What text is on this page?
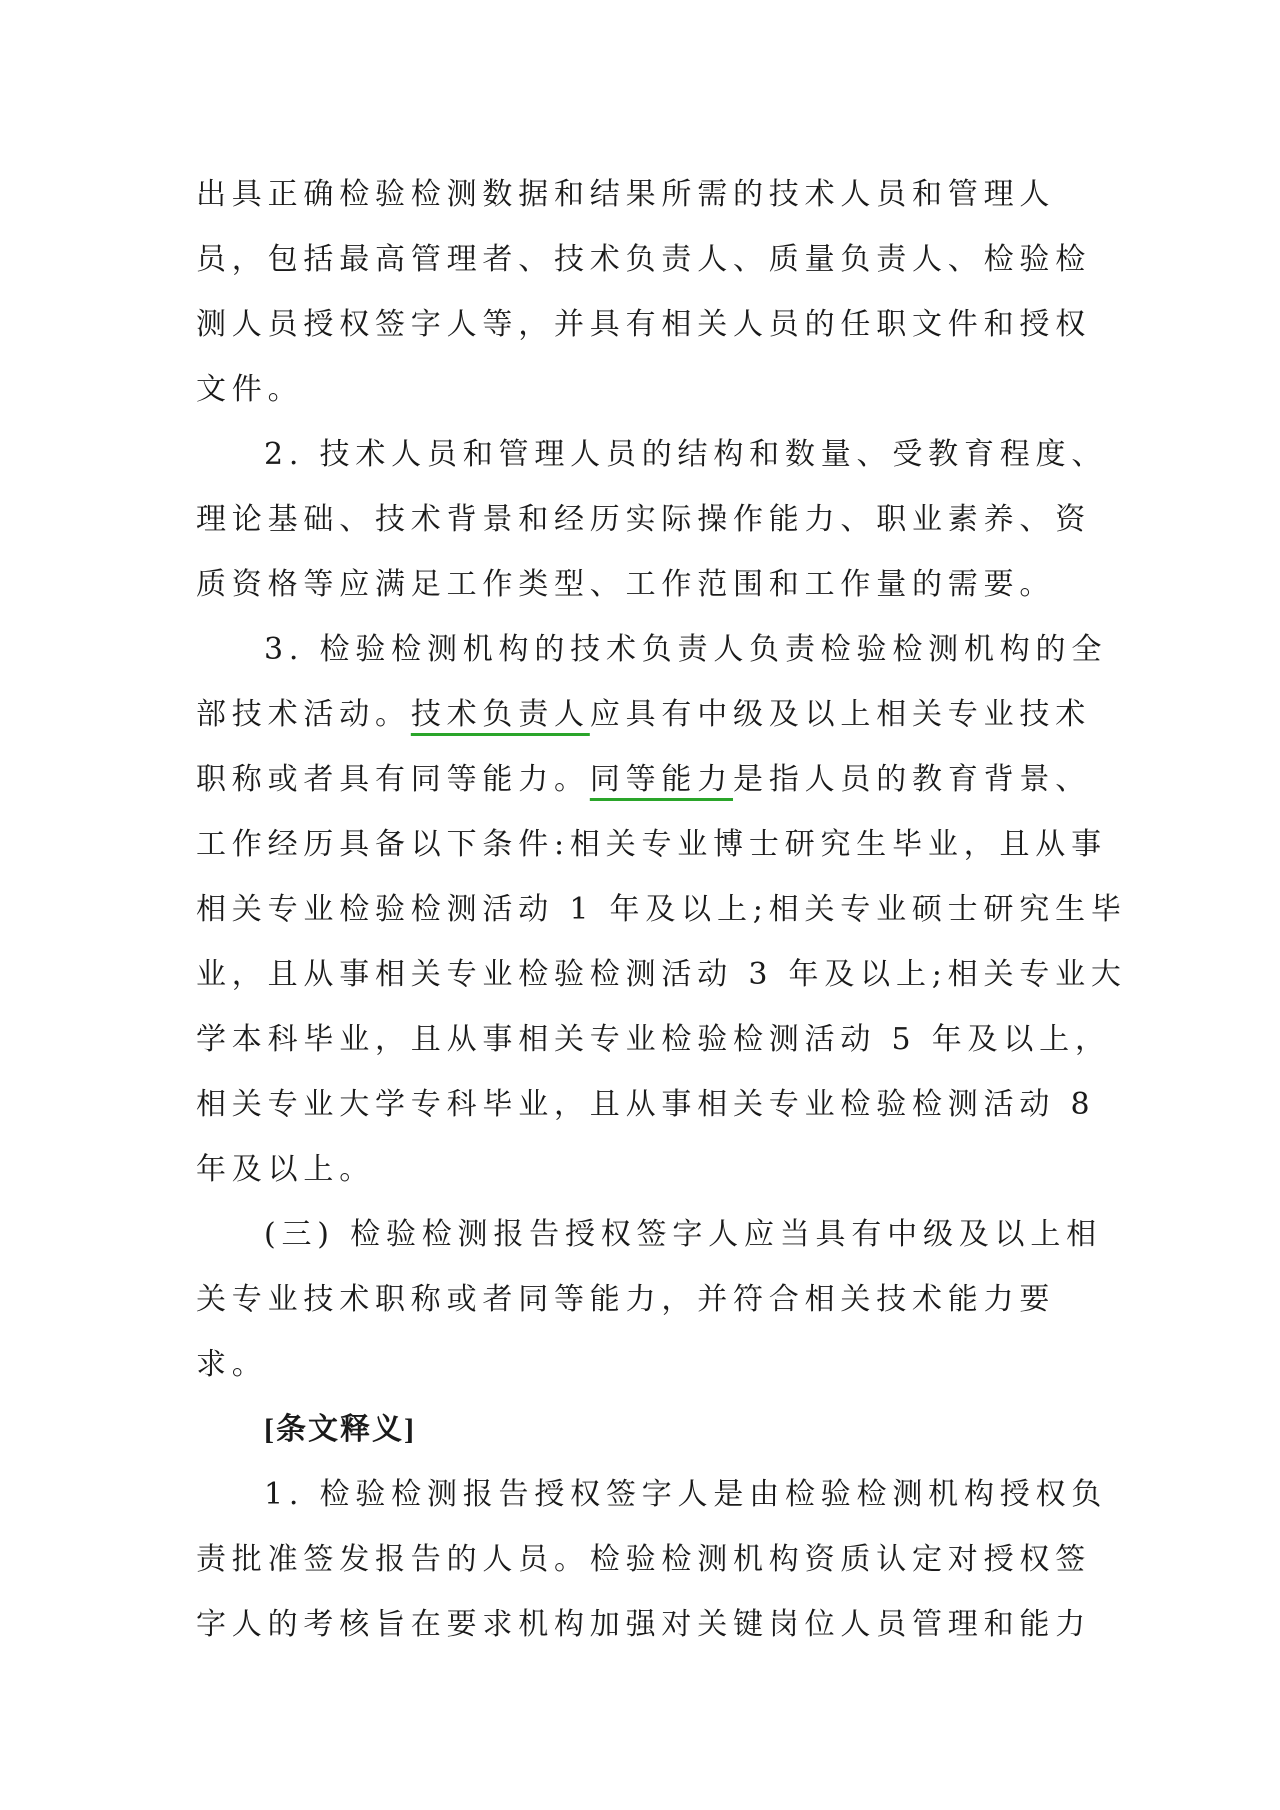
出具正确检验检测数据和结果所需的技术人员和管理人
员，包括最高管理者、技术负责人、质量负责人、检验检
测人员授权签字人等，并具有相关人员的任职文件和授权
文件。
2. 技术人员和管理人员的结构和数量、受教育程度、
理论基础、技术背景和经历实际操作能力、职业素养、资
质资格等应满足工作类型、工作范围和工作量的需要。
3. 检验检测机构的技术负责人负责检验检测机构的全
部技术活动。技术负责人应具有中级及以上相关专业技术
职称或者具有同等能力。同等能力是指人员的教育背景、
工作经历具备以下条件:相关专业博士研究生毕业，且从事
相关专业检验检测活动 1 年及以上;相关专业硕士研究生毕
业，且从事相关专业检验检测活动 3 年及以上;相关专业大
学本科毕业，且从事相关专业检验检测活动 5 年及以上，
相关专业大学专科毕业，且从事相关专业检验检测活动 8
年及以上。
(三) 检验检测报告授权签字人应当具有中级及以上相
关专业技术职称或者同等能力，并符合相关技术能力要
求。
[条文释义]
1. 检验检测报告授权签字人是由检验检测机构授权负
责批准签发报告的人员。检验检测机构资质认定对授权签
字人的考核旨在要求机构加强对关键岗位人员管理和能力
